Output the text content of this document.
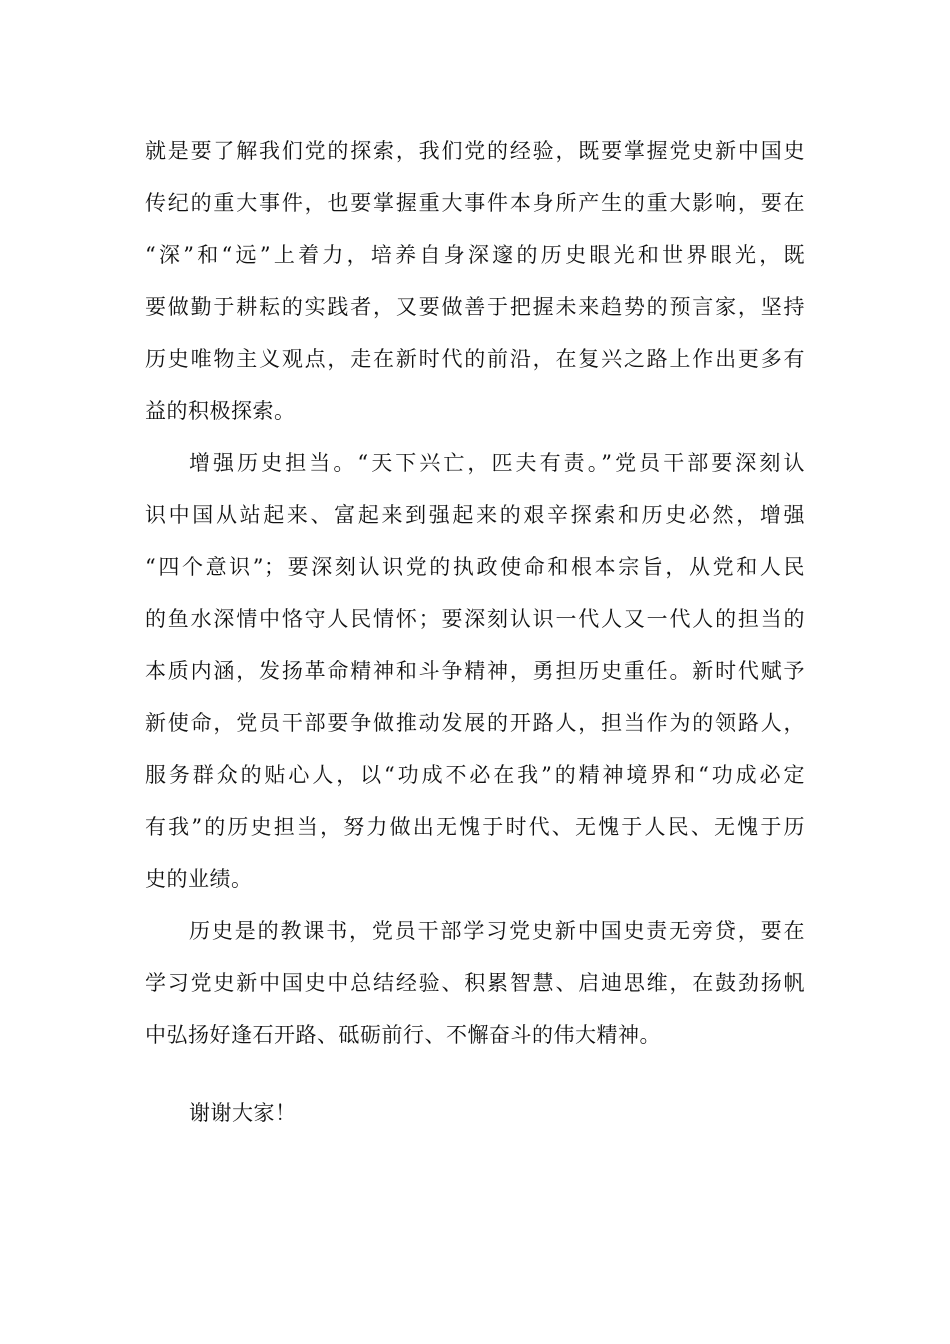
就是要了解我们党的探索，我们党的经验，既要掌握党史新中国史
传纪的重大事件，也要掌握重大事件本身所产生的重大影响，要在
“深”和“远”上着力，培养自身深邃的历史眼光和世界眼光，既
要做勤于耕耘的实践者，又要做善于把握未来趋势的预言家，坚持
历史唯物主义观点，走在新时代的前沿，在复兴之路上作出更多有
益的积极探索。
增强历史担当。“天下兴亡，匹夫有责。”党员干部要深刻认
识中国从站起来、富起来到强起来的艰辛探索和历史必然，增强
“四个意识”；要深刻认识党的执政使命和根本宗旨，从党和人民
的鱼水深情中恪守人民情怀；要深刻认识一代人又一代人的担当的
本质内涵，发扬革命精神和斗争精神，勇担历史重任。新时代赋予
新使命，党员干部要争做推动发展的开路人，担当作为的领路人，
服务群众的贴心人，以“功成不必在我”的精神境界和“功成必定
有我”的历史担当，努力做出无愧于时代、无愧于人民、无愧于历
史的业绩。
历史是的教课书，党员干部学习党史新中国史责无旁贷，要在
学习党史新中国史中总结经验、积累智慧、启迪思维，在鼓劲扬帆
中弘扬好逢石开路、砥砺前行、不懈奋斗的伟大精神。
谢谢大家！
